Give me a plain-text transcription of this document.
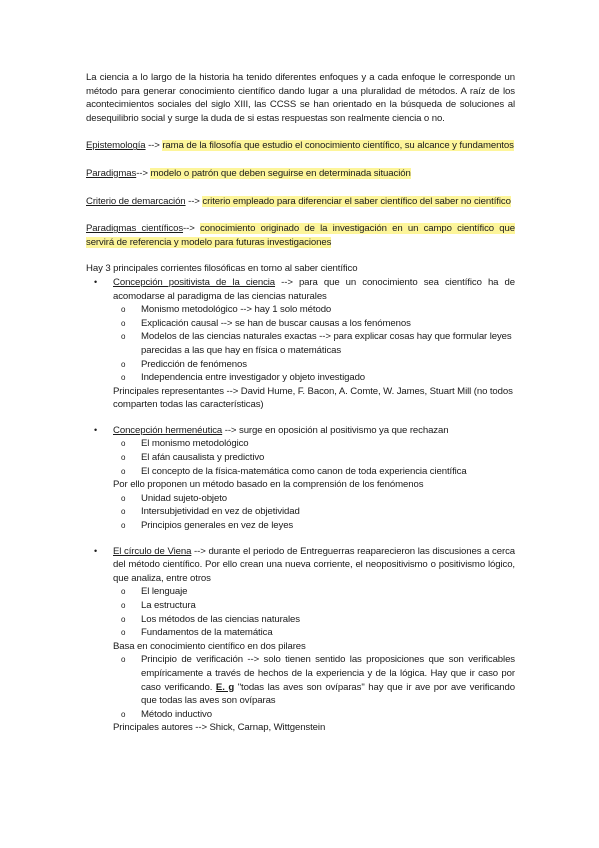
La ciencia a lo largo de la historia ha tenido diferentes enfoques y a cada enfoque le corresponde un método para generar conocimiento científico dando lugar a una pluralidad de métodos. A raíz de los acontecimientos sociales del siglo XIII, las CCSS se han orientado en la búsqueda de soluciones al desequilibrio social y surge la duda de si estas respuestas son realmente ciencia o no.

Epistemología --> rama de la filosofía que estudio el conocimiento científico, su alcance y fundamentos

Paradigmas--> modelo o patrón que deben seguirse en determinada situación

Criterio de demarcación --> criterio empleado para diferenciar el saber científico del saber no científico

Paradigmas científicos--> conocimiento originado de la investigación en un campo científico que servirá de referencia y modelo para futuras investigaciones

Hay 3 principales corrientes filosóficas en torno al saber científico

• Concepción positivista de la ciencia --> para que un conocimiento sea científico ha de acomodarse al paradigma de las ciencias naturales
o Monismo metodológico --> hay 1 solo método
o Explicación causal --> se han de buscar causas a los fenómenos
o Modelos de las ciencias naturales exactas --> para explicar cosas hay que formular leyes parecidas a las que hay en física o matemáticas
o Predicción de fenómenos
o Independencia entre investigador y objeto investigado

Principales representantes --> David Hume, F. Bacon, A. Comte, W. James, Stuart Mill (no todos comparten todas las características)

• Concepción hermenéutica --> surge en oposición al positivismo ya que rechazan
o El monismo metodológico
o El afán causalista y predictivo
o El concepto de la física-matemática como canon de toda experiencia científica

Por ello proponen un método basado en la comprensión de los fenómenos

o Unidad sujeto-objeto
o Intersubjetividad en vez de objetividad
o Principios generales en vez de leyes
• El círculo de Viena --> durante el periodo de Entreguerras reaparecieron las discusiones a cerca del método científico. Por ello crean una nueva corriente, el neopositivismo o positivismo lógico, que analiza, entre otros
o El lenguaje
o La estructura
o Los métodos de las ciencias naturales
o Fundamentos de la matemática

Basa en conocimiento científico en dos pilares

o Principio de verificación --> solo tienen sentido las proposiciones que son verificables empíricamente a través de hechos de la experiencia y de la lógica. Hay que ir caso por caso verificando. E. g "todas las aves son ovíparas" hay que ir ave por ave verificando que todas las aves son ovíparas
o Método inductivo

Principales autores --> Shick, Carnap, Wittgenstein
